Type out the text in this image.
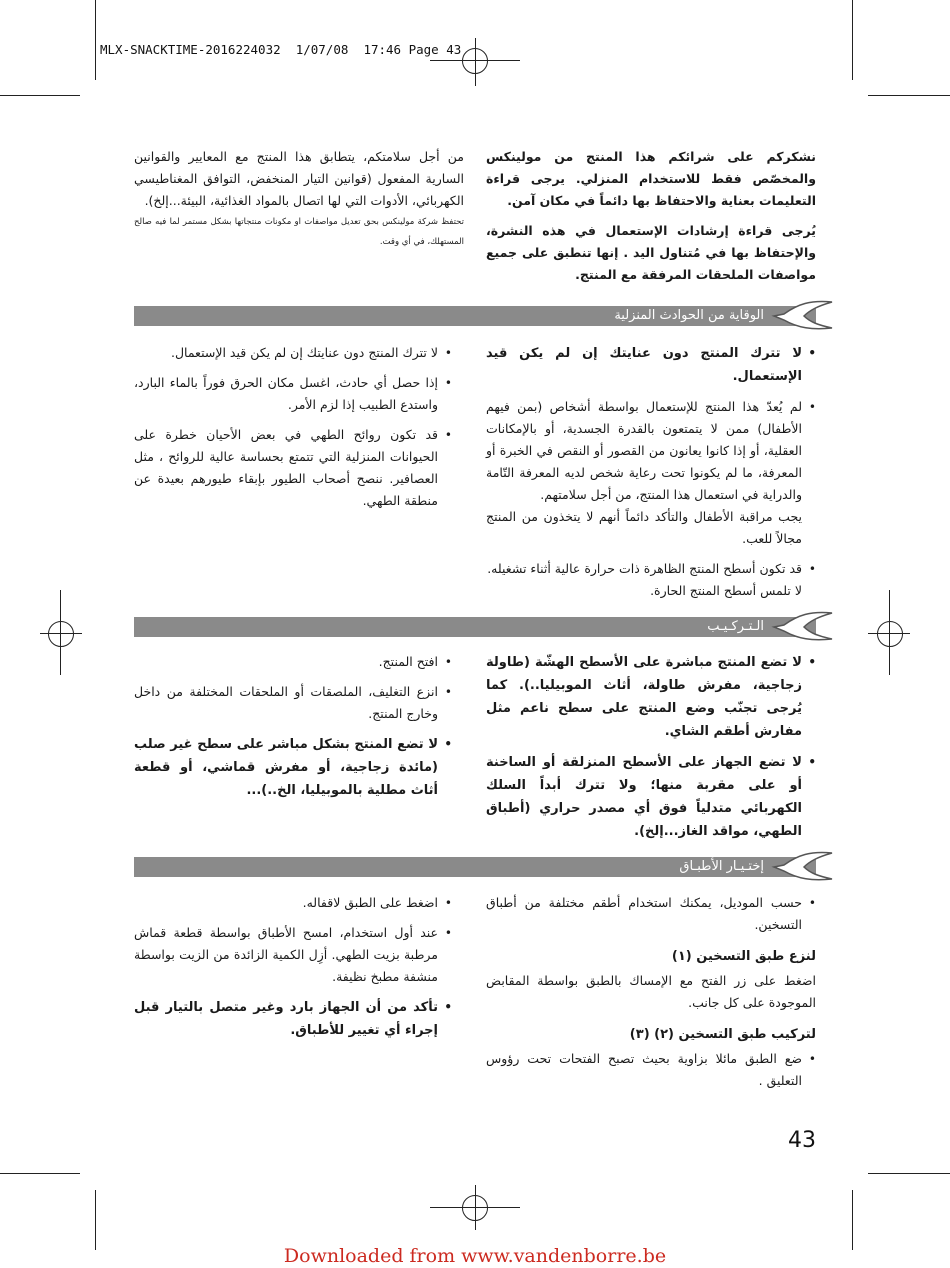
MLX-SNACKTIME-2016224032 1/07/08 17:46 Page 43

نشكركم على شرائكم هذا المنتج من مولينكس والمخصّص فقط للاستخدام المنزلي. يرجى قراءة التعليمات بعناية والاحتفاظ بها دائماً في مكان آمن.

يُرجى قراءة إرشادات الإستعمال في هذه النشرة، والإحتفاظ بها في مُتناول اليد . إنها تنطبق على جميع مواصفات الملحقات المرفقة مع المنتج.

من أجل سلامتكم، يتطابق هذا المنتج مع المعايير والقوانين السارية المفعول (قوانين التيار المنخفض، التوافق المغناطيسي الكهربائي، الأدوات التي لها اتصال بالمواد الغذائية، البيئة...إلخ).

تحتفظ شركة مولينكس بحق تعديل مواصفات او مكونات منتجاتها بشكل مستمر لما فيه صالح المستهلك، في أي وقت.

الوقاية من الحوادث المنزلية
• لا تترك المنتج دون عنايتك إن لم يكن قيد الإستعمال.
• لم يُعدّ هذا المنتج للإستعمال بواسطة أشخاص (بمن فيهم الأطفال) ممن لا يتمتعون بالقدرة الجسدية، أو بالإمكانات العقلية، أو إذا كانوا يعانون من القصور أو النقص في الخبرة أو المعرفة، ما لم يكونوا تحت رعاية شخص لديه المعرفة التّامة والدراية في استعمال هذا المنتج، من أجل سلامتهم.
يجب مراقبة الأطفال والتأكد دائماً أنهم لا يتخذون من المنتج مجالاً للعب.
• قد تكون أسطح المنتج الظاهرة ذات حرارة عالية أثناء تشغيله.
لا تلمس أسطح المنتج الحارة.
• لا تترك المنتج دون عنايتك إن لم يكن قيد الإستعمال.
• إذا حصل أي حادث، اغسل مكان الحرق فوراً بالماء البارد، واستدع الطبيب إذا لزم الأمر.
• قد تكون روائح الطهي في بعض الأحيان خطرة على الحيوانات المنزلية التي تتمتع بحساسة عالية للروائح ، مثل العصافير. ننصح أصحاب الطيور بإبقاء طيورهم بعيدة عن منطقة الطهي.
الـتـركـيـب
• لا تضع المنتج مباشرة على الأسطح الهشّة (طاولة زجاجية، مفرش طاولة، أثاث الموبيليا..). كما يُرجى تجنّب وضع المنتج على سطح ناعم مثل مفارش أطقم الشاي.
• لا تضع الجهاز على الأسطح المنزلقة أو الساخنة أو على مقربة منها؛ ولا تترك أبداً السلك الكهربائي متدلياً فوق أي مصدر حراري (أطباق الطهي، مواقد الغاز...إلخ).
• افتح المنتج.
• انزع التغليف، الملصقات أو الملحقات المختلفة من داخل وخارج المنتج.
• لا تضع المنتج بشكل مباشر على سطح غير صلب (مائدة زجاجية، أو مفرش قماشي، أو قطعة أثاث مطلية بالموبيليا، الخ..)...
إختـيـار الأطبـاق
• حسب الموديل، يمكنك استخدام أطقم مختلفة من أطباق التسخين.
لنزع طبق التسخين (١)

اضغط على زر الفتح مع الإمساك بالطبق بواسطة المقابض الموجودة على كل جانب.

لتركيب طبق التسخين (٢) (٣)
• ضع الطبق مائلا بزاوية بحيث تصبح الفتحات تحت رؤوس التعليق .
• اضغط على الطبق لاقفاله.
• عند أول استخدام، امسح الأطباق بواسطة قطعة قماش مرطبة بزيت الطهي. أزِل الكمية الزائدة من الزيت بواسطة منشفة مطبخ نظيفة.
• تأكد من أن الجهاز بارد وغير متصل بالتيار قبل إجراء أي تغيير للأطباق.
43
Downloaded from www.vandenborre.be
